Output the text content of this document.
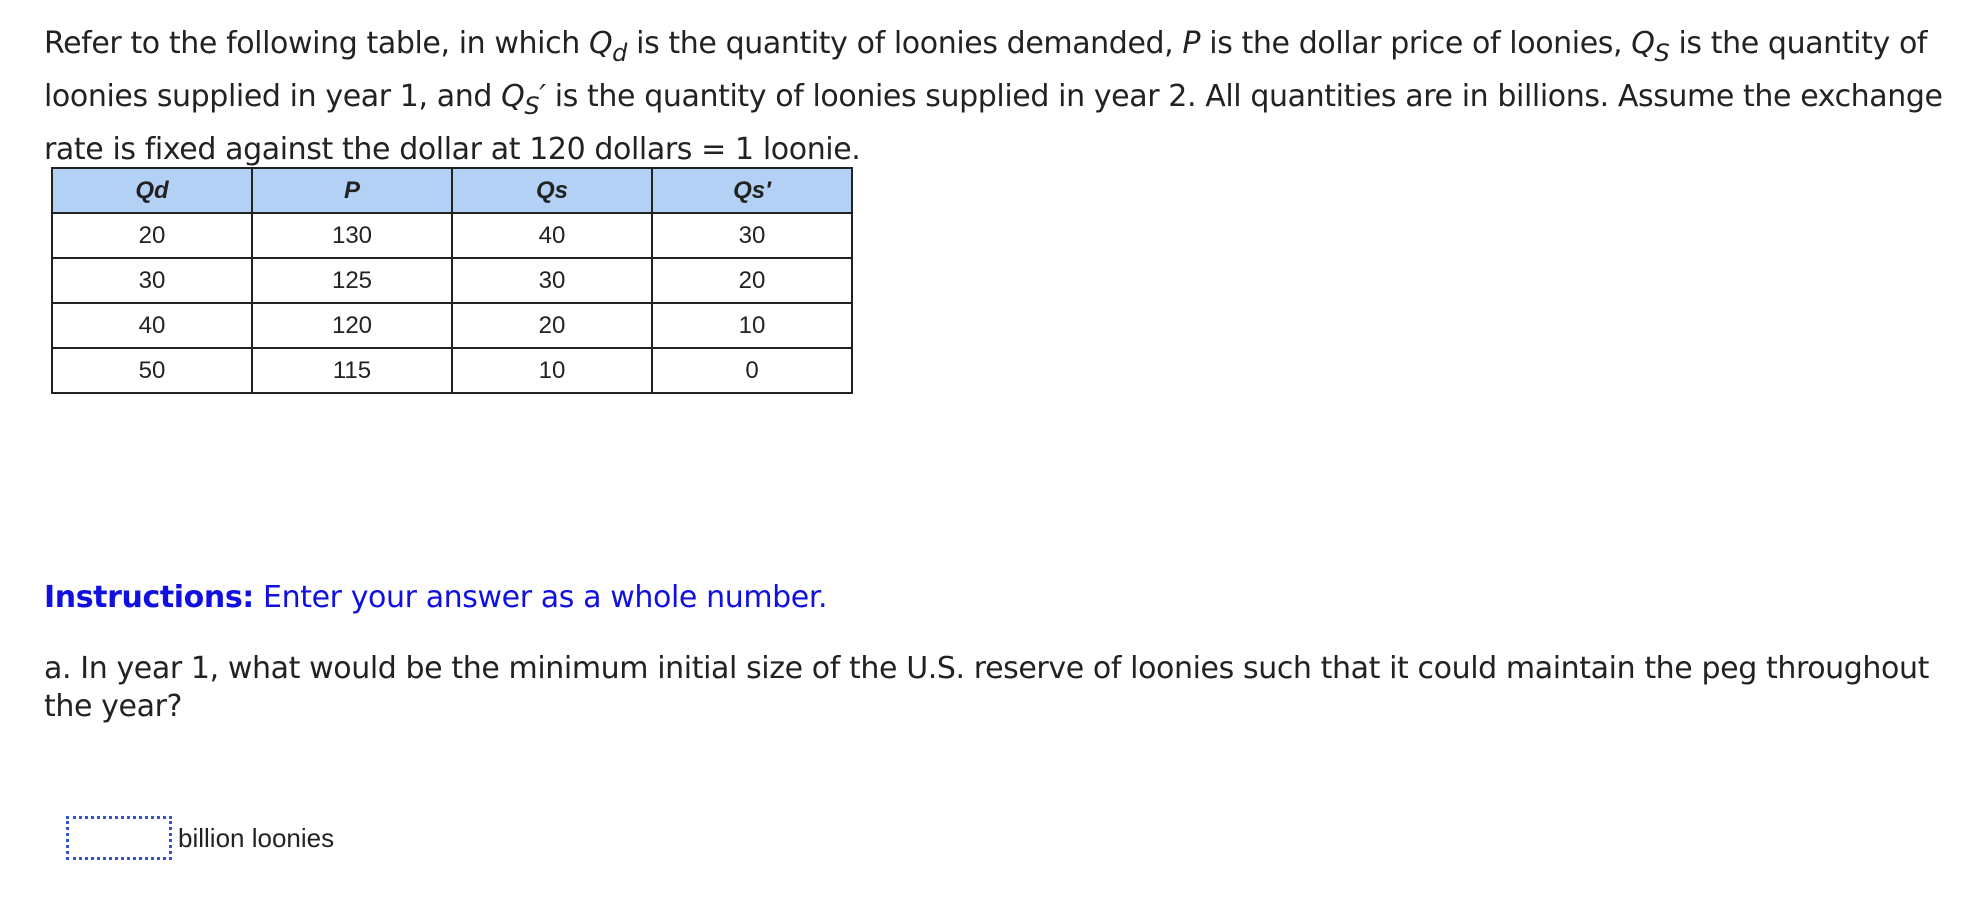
Refer to the following table, in which $Q_d$ is the quantity of loonies demanded, P is the dollar price of loonies, $Q_S$ is the quantity of loonies supplied in year 1, and $Q_S'$ is the quantity of loonies supplied in year 2. All quantities are in billions. Assume the exchange rate is fixed against the dollar at 120 dollars = 1 loonie.
Qd	P	Qs	Qs′
20	130	40	30
30	125	30	20
40	120	20	10
50	115	10	0
Instructions: Enter your answer as a whole number.
a. In year 1, what would be the minimum initial size of the U.S. reserve of loonies such that it could maintain the peg throughout the year?
billion loonies
